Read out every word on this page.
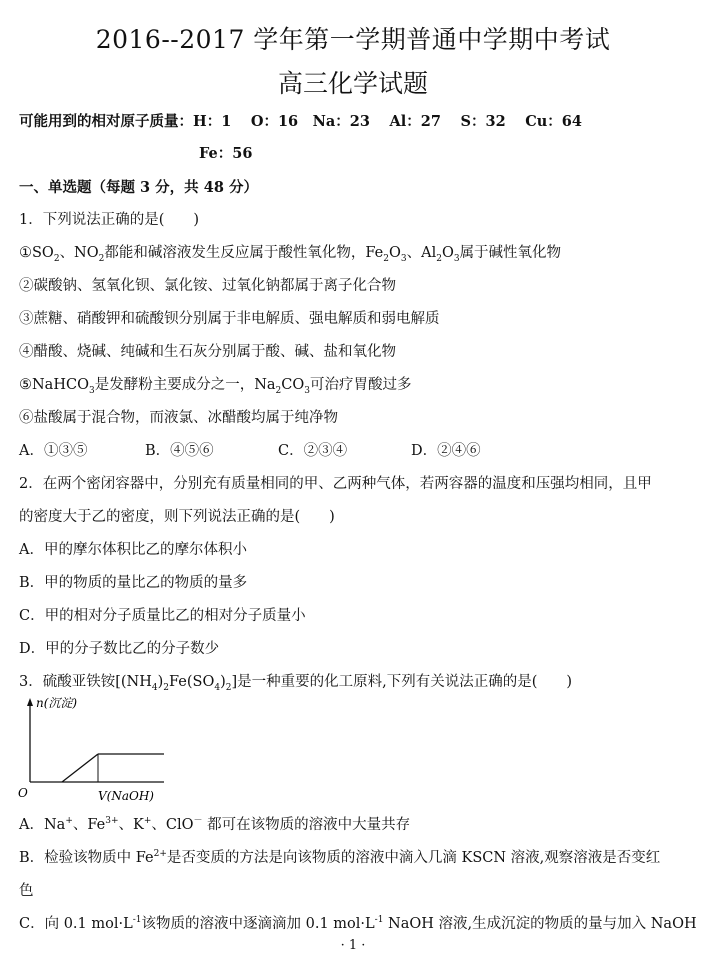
2016--2017 学年第一学期普通中学期中考试
高三化学试题
可能用到的相对原子质量：H：1　 O：16　Na：23　 Al：27　 S：32　 Cu：64
Fe：56
一、单选题（每题 3 分，共 48 分）
1．下列说法正确的是(　　)
$①SO_2$、$NO_2$都能和碱溶液发生反应属于酸性氧化物，$Fe_2O_3$、$Al_2O_3$属于碱性氧化物
②碳酸钠、氢氧化钡、氯化铵、过氧化钠都属于离子化合物
③蔗糖、硝酸钾和硫酸钡分别属于非电解质、强电解质和弱电解质
④醋酸、烧碱、纯碱和生石灰分别属于酸、碱、盐和氧化物
⑤NaHCO$_3$是发酵粉主要成分之一，$Na_2CO_3$可治疗胃酸过多
⑥盐酸属于混合物，而液氯、冰醋酸均属于纯净物
A．①③⑤	B．④⑤⑥	C．②③④	D．②④⑥
2．在两个密闭容器中，分别充有质量相同的甲、乙两种气体，若两容器的温度和压强均相同，且甲
的密度大于乙的密度，则下列说法正确的是(　　)
A．甲的摩尔体积比乙的摩尔体积小
B．甲的物质的量比乙的物质的量多
C．甲的相对分子质量比乙的相对分子质量小
D．甲的分子数比乙的分子数少
3．硫酸亚铁铵$[(NH_4)_2Fe(SO_4)_2]$是一种重要的化工原料,下列有关说法正确的是(　　)
n(沉淀)
O	V(NaOH)
A．Na+、$Fe^{3+}$、K+、ClO－ 都可在该物质的溶液中大量共存
B．检验该物质中 $Fe^{2+}$是否变质的方法是向该物质的溶液中滴入几滴 KSCN 溶液,观察溶液是否变红
色
C．向 0.1 $mol\cdot L^{-1}$该物质的溶液中逐滴滴加 0.1 $mol\cdot L^{-1}$ NaOH 溶液,生成沉淀的物质的量与加入 NaOH
· 1 ·
